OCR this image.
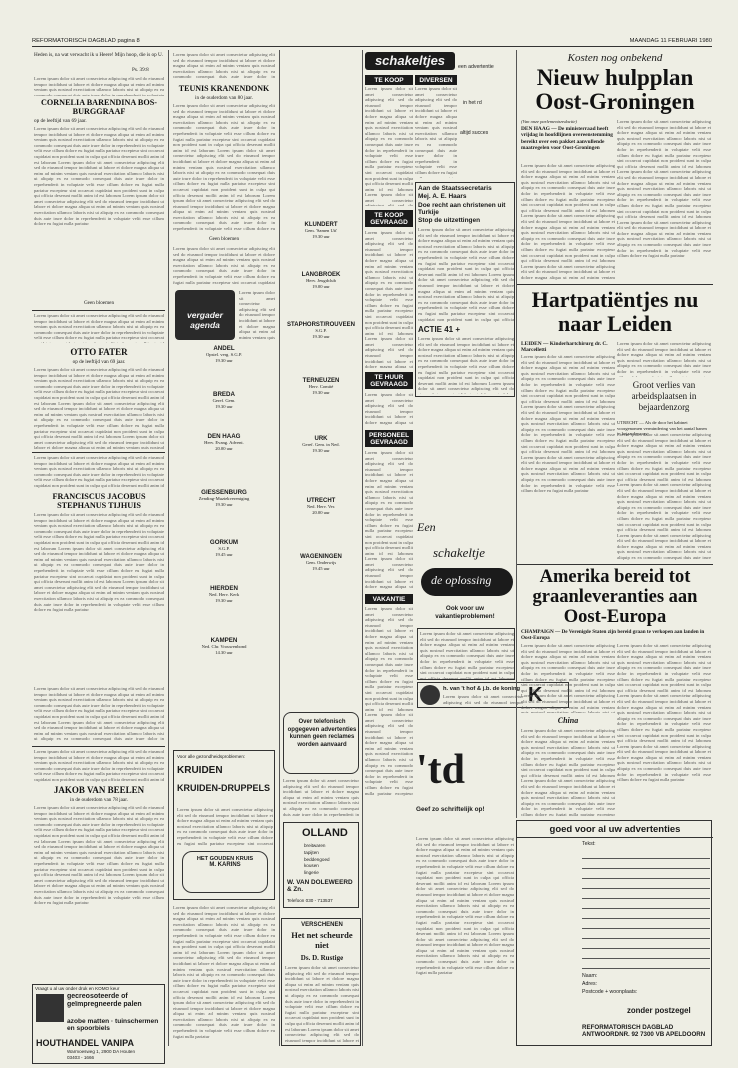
REFORMATORISCH DAGBLAD pagina 8	MAANDAG 11 FEBRUARI 1980
Heden is, na wat verwacht ik u Heere! Mijn hoop, die is op U.
Ps. 39:8
Lorem ipsum dolor sit amet consectetur adipiscing elit sed do eiusmod tempor incididunt ut labore et dolore magna aliqua ut enim ad minim veniam quis nostrud exercitation ullamco laboris nisi ut aliquip ex ea commodo consequat duis aute irure dolor in reprehenderit in voluptate velit esse cillum dolore eu fugiat nulla pariatur excepteur sint occaecat cupidatat non proident sunt in culpa qui officia deserunt mollit anim id est laborum Lorem ipsum dolor sit amet consectetur adipiscing elit sed do eiusmod tempor incididunt ut labore et dolore magna aliqua ut enim ad minim veniam quis nostrud exercitation ullamco laboris nisi ut aliquip ex ea commodo consequat duis aute irure dolor in reprehenderit in voluptate velit esse cillum dolore eu fugiat nulla pariatur excepteur sint occaecat cupidatat non proident sunt in culpa qui officia deserunt mollit anim id est laborum Lorem ipsum dolor sit amet consectetur adipiscing elit sed do eiusmod tempor incididunt ut labore et dolore magna aliqua ut enim ad minim veniam quis nostrud exercitation ullamco laboris nisi ut aliquip ex ea commodo consequat duis aute irure dolor in reprehenderit in voluptate velit esse cillum dolore eu fugiat nulla pariatur
CORNELIA BARENDINA BOS-BURGGRAAF
op de leeftijd van 69 jaar.
Lorem ipsum dolor sit amet consectetur adipiscing elit sed do eiusmod tempor incididunt ut labore et dolore magna aliqua ut enim ad minim veniam quis nostrud exercitation ullamco laboris nisi ut aliquip ex ea commodo consequat duis aute irure dolor in reprehenderit in voluptate velit esse cillum dolore eu fugiat nulla pariatur excepteur sint occaecat cupidatat non proident sunt in culpa qui officia deserunt mollit anim id est laborum Lorem ipsum dolor sit amet consectetur adipiscing elit sed do eiusmod tempor incididunt ut labore et dolore magna aliqua ut enim ad minim veniam quis nostrud exercitation ullamco laboris nisi ut aliquip ex ea commodo consequat duis aute irure dolor in reprehenderit in voluptate velit esse cillum dolore eu fugiat nulla pariatur excepteur sint occaecat cupidatat non proident sunt in culpa qui officia deserunt mollit anim id est laborum Lorem ipsum dolor sit amet consectetur adipiscing elit sed do eiusmod tempor incididunt ut labore et dolore magna aliqua ut enim ad minim veniam quis nostrud exercitation ullamco laboris nisi ut aliquip ex ea commodo consequat duis aute irure dolor in reprehenderit in voluptate velit esse cillum dolore eu fugiat nulla pariatur
Geen bloemen
Lorem ipsum dolor sit amet consectetur adipiscing elit sed do eiusmod tempor incididunt ut labore et dolore magna aliqua ut enim ad minim veniam quis nostrud exercitation ullamco laboris nisi ut aliquip ex ea commodo consequat duis aute irure dolor in reprehenderit in voluptate velit esse cillum dolore eu fugiat nulla pariatur excepteur sint occaecat cupidatat non proident sunt in culpa qui officia deserunt mollit anim id est laborum Lorem ipsum dolor sit amet consectetur adipiscing elit sed do eiusmod tempor incididunt ut labore et dolore magna aliqua ut enim ad minim veniam quis nostrud exercitation ullamco laboris nisi ut aliquip ex ea commodo consequat duis aute irure dolor in reprehenderit in voluptate velit esse cillum dolore eu fugiat nulla pariatur excepteur sint occaecat cupidatat non proident sunt in culpa qui officia deserunt mollit anim id est laborum Lorem ipsum dolor sit amet consectetur adipiscing elit sed do eiusmod tempor incididunt ut labore et dolore magna aliqua ut enim ad minim veniam quis nostrud exercitation ullamco laboris nisi ut aliquip ex ea commodo consequat duis aute irure dolor in reprehenderit in voluptate velit esse cillum dolore eu fugiat nulla pariatur
OTTO FATER
op de leeftijd van 69 jaar.
Lorem ipsum dolor sit amet consectetur adipiscing elit sed do eiusmod tempor incididunt ut labore et dolore magna aliqua ut enim ad minim veniam quis nostrud exercitation ullamco laboris nisi ut aliquip ex ea commodo consequat duis aute irure dolor in reprehenderit in voluptate velit esse cillum dolore eu fugiat nulla pariatur excepteur sint occaecat cupidatat non proident sunt in culpa qui officia deserunt mollit anim id est laborum Lorem ipsum dolor sit amet consectetur adipiscing elit sed do eiusmod tempor incididunt ut labore et dolore magna aliqua ut enim ad minim veniam quis nostrud exercitation ullamco laboris nisi ut aliquip ex ea commodo consequat duis aute irure dolor in reprehenderit in voluptate velit esse cillum dolore eu fugiat nulla pariatur excepteur sint occaecat cupidatat non proident sunt in culpa qui officia deserunt mollit anim id est laborum Lorem ipsum dolor sit amet consectetur adipiscing elit sed do eiusmod tempor incididunt ut labore et dolore magna aliqua ut enim ad minim veniam quis nostrud exercitation ullamco laboris nisi ut aliquip ex ea commodo consequat duis aute irure dolor in reprehenderit in voluptate velit esse cillum dolore eu fugiat nulla pariatur
Lorem ipsum dolor sit amet consectetur adipiscing elit sed do eiusmod tempor incididunt ut labore et dolore magna aliqua ut enim ad minim veniam quis nostrud exercitation ullamco laboris nisi ut aliquip ex ea commodo consequat duis aute irure dolor in reprehenderit in voluptate velit esse cillum dolore eu fugiat nulla pariatur excepteur sint occaecat cupidatat non proident sunt in culpa qui officia deserunt mollit anim id est laborum Lorem ipsum dolor sit amet consectetur adipiscing elit sed do eiusmod tempor incididunt ut labore et dolore magna aliqua ut enim ad minim veniam quis nostrud exercitation ullamco laboris nisi ut aliquip ex ea commodo consequat duis aute irure dolor in reprehenderit in voluptate velit esse cillum dolore eu fugiat nulla pariatur excepteur sint occaecat cupidatat non proident sunt in culpa qui officia deserunt mollit anim id est laborum Lorem ipsum dolor sit amet consectetur adipiscing elit sed do eiusmod tempor incididunt ut labore et dolore magna aliqua ut enim ad minim veniam quis nostrud exercitation ullamco laboris nisi ut aliquip ex ea commodo consequat duis aute irure dolor in reprehenderit in voluptate velit esse cillum dolore eu fugiat nulla pariatur
FRANCISCUS JACOBUS STEPHANUS TIJHUIS
Lorem ipsum dolor sit amet consectetur adipiscing elit sed do eiusmod tempor incididunt ut labore et dolore magna aliqua ut enim ad minim veniam quis nostrud exercitation ullamco laboris nisi ut aliquip ex ea commodo consequat duis aute irure dolor in reprehenderit in voluptate velit esse cillum dolore eu fugiat nulla pariatur excepteur sint occaecat cupidatat non proident sunt in culpa qui officia deserunt mollit anim id est laborum Lorem ipsum dolor sit amet consectetur adipiscing elit sed do eiusmod tempor incididunt ut labore et dolore magna aliqua ut enim ad minim veniam quis nostrud exercitation ullamco laboris nisi ut aliquip ex ea commodo consequat duis aute irure dolor in reprehenderit in voluptate velit esse cillum dolore eu fugiat nulla pariatur excepteur sint occaecat cupidatat non proident sunt in culpa qui officia deserunt mollit anim id est laborum Lorem ipsum dolor sit amet consectetur adipiscing elit sed do eiusmod tempor incididunt ut labore et dolore magna aliqua ut enim ad minim veniam quis nostrud exercitation ullamco laboris nisi ut aliquip ex ea commodo consequat duis aute irure dolor in reprehenderit in voluptate velit esse cillum dolore eu fugiat nulla pariatur
Lorem ipsum dolor sit amet consectetur adipiscing elit sed do eiusmod tempor incididunt ut labore et dolore magna aliqua ut enim ad minim veniam quis nostrud exercitation ullamco laboris nisi ut aliquip ex ea commodo consequat duis aute irure dolor in reprehenderit in voluptate velit esse cillum dolore eu fugiat nulla pariatur excepteur sint occaecat cupidatat non proident sunt in culpa qui officia deserunt mollit anim id est laborum Lorem ipsum dolor sit amet consectetur adipiscing elit sed do eiusmod tempor incididunt ut labore et dolore magna aliqua ut enim ad minim veniam quis nostrud exercitation ullamco laboris nisi ut aliquip ex ea commodo consequat duis aute irure dolor in reprehenderit in voluptate velit esse cillum dolore eu fugiat nulla pariatur excepteur sint occaecat cupidatat non proident sunt in culpa qui officia deserunt mollit anim id est laborum Lorem ipsum dolor sit amet consectetur adipiscing elit sed do eiusmod tempor incididunt ut labore et dolore magna aliqua ut enim ad minim veniam quis nostrud exercitation ullamco laboris nisi ut aliquip ex ea commodo consequat duis aute irure dolor in reprehenderit in voluptate velit esse cillum dolore eu fugiat nulla pariatur
Lorem ipsum dolor sit amet consectetur adipiscing elit sed do eiusmod tempor incididunt ut labore et dolore magna aliqua ut enim ad minim veniam quis nostrud exercitation ullamco laboris nisi ut aliquip ex ea commodo consequat duis aute irure dolor in reprehenderit in voluptate velit esse cillum dolore eu fugiat nulla pariatur excepteur sint occaecat cupidatat non proident sunt in culpa qui officia deserunt mollit anim id est laborum Lorem ipsum dolor sit amet consectetur adipiscing elit sed do eiusmod tempor incididunt ut labore et dolore magna aliqua ut enim ad minim veniam quis nostrud exercitation ullamco laboris nisi ut aliquip ex ea commodo consequat duis aute irure dolor in reprehenderit in voluptate velit esse cillum dolore eu fugiat nulla pariatur excepteur sint occaecat cupidatat non proident sunt in culpa qui officia deserunt mollit anim id est laborum Lorem ipsum dolor sit amet consectetur adipiscing elit sed do eiusmod tempor incididunt ut labore et dolore magna aliqua ut enim ad minim veniam quis nostrud exercitation ullamco laboris nisi ut aliquip ex ea commodo consequat duis aute irure dolor in reprehenderit in voluptate velit esse cillum dolore eu fugiat nulla pariatur
JAKOB VAN BEELEN
in de ouderdom van 78 jaar.
Lorem ipsum dolor sit amet consectetur adipiscing elit sed do eiusmod tempor incididunt ut labore et dolore magna aliqua ut enim ad minim veniam quis nostrud exercitation ullamco laboris nisi ut aliquip ex ea commodo consequat duis aute irure dolor in reprehenderit in voluptate velit esse cillum dolore eu fugiat nulla pariatur excepteur sint occaecat cupidatat non proident sunt in culpa qui officia deserunt mollit anim id est laborum Lorem ipsum dolor sit amet consectetur adipiscing elit sed do eiusmod tempor incididunt ut labore et dolore magna aliqua ut enim ad minim veniam quis nostrud exercitation ullamco laboris nisi ut aliquip ex ea commodo consequat duis aute irure dolor in reprehenderit in voluptate velit esse cillum dolore eu fugiat nulla pariatur excepteur sint occaecat cupidatat non proident sunt in culpa qui officia deserunt mollit anim id est laborum Lorem ipsum dolor sit amet consectetur adipiscing elit sed do eiusmod tempor incididunt ut labore et dolore magna aliqua ut enim ad minim veniam quis nostrud exercitation ullamco laboris nisi ut aliquip ex ea commodo consequat duis aute irure dolor in reprehenderit in voluptate velit esse cillum dolore eu fugiat nulla pariatur
Vraagt u al uw onder druk en KOMO keur
gecreosoteerde of geïmpregneerde palen
azobe matten · tuinschermen en spoorbiels
HOUTHANDEL VANIPA
Warmoesweg 1, 2900 DA Houten
03403 - 1666
Lorem ipsum dolor sit amet consectetur adipiscing elit sed do eiusmod tempor incididunt ut labore et dolore magna aliqua ut enim ad minim veniam quis nostrud exercitation ullamco laboris nisi ut aliquip ex ea commodo consequat duis aute irure dolor in reprehenderit in voluptate velit esse cillum dolore eu fugiat nulla pariatur excepteur sint occaecat cupidatat non proident sunt in culpa qui officia deserunt mollit anim id est laborum Lorem ipsum dolor sit amet consectetur adipiscing elit sed do eiusmod tempor incididunt ut labore et dolore magna aliqua ut enim ad minim veniam quis nostrud exercitation ullamco laboris nisi ut aliquip ex ea commodo consequat duis aute irure dolor in reprehenderit in voluptate velit esse cillum dolore eu fugiat nulla pariatur excepteur sint occaecat cupidatat non proident sunt in culpa qui officia deserunt mollit anim id est laborum Lorem ipsum dolor sit amet consectetur adipiscing elit sed do eiusmod tempor incididunt ut labore et dolore magna aliqua ut enim ad minim veniam quis nostrud exercitation ullamco laboris nisi ut aliquip ex ea commodo consequat duis aute irure dolor in reprehenderit in voluptate velit esse cillum dolore eu fugiat nulla pariatur
TEUNIS KRANENDONK
in de ouderdom van 80 jaar.
Lorem ipsum dolor sit amet consectetur adipiscing elit sed do eiusmod tempor incididunt ut labore et dolore magna aliqua ut enim ad minim veniam quis nostrud exercitation ullamco laboris nisi ut aliquip ex ea commodo consequat duis aute irure dolor in reprehenderit in voluptate velit esse cillum dolore eu fugiat nulla pariatur excepteur sint occaecat cupidatat non proident sunt in culpa qui officia deserunt mollit anim id est laborum Lorem ipsum dolor sit amet consectetur adipiscing elit sed do eiusmod tempor incididunt ut labore et dolore magna aliqua ut enim ad minim veniam quis nostrud exercitation ullamco laboris nisi ut aliquip ex ea commodo consequat duis aute irure dolor in reprehenderit in voluptate velit esse cillum dolore eu fugiat nulla pariatur excepteur sint occaecat cupidatat non proident sunt in culpa qui officia deserunt mollit anim id est laborum Lorem ipsum dolor sit amet consectetur adipiscing elit sed do eiusmod tempor incididunt ut labore et dolore magna aliqua ut enim ad minim veniam quis nostrud exercitation ullamco laboris nisi ut aliquip ex ea commodo consequat duis aute irure dolor in reprehenderit in voluptate velit esse cillum dolore eu fugiat nulla pariatur
Geen bloemen
Lorem ipsum dolor sit amet consectetur adipiscing elit sed do eiusmod tempor incididunt ut labore et dolore magna aliqua ut enim ad minim veniam quis nostrud exercitation ullamco laboris nisi ut aliquip ex ea commodo consequat duis aute irure dolor in reprehenderit in voluptate velit esse cillum dolore eu fugiat nulla pariatur excepteur sint occaecat cupidatat non proident sunt in culpa qui officia deserunt mollit anim id est laborum Lorem ipsum dolor sit amet consectetur adipiscing elit sed do eiusmod tempor incididunt ut labore et dolore magna aliqua ut enim ad minim veniam quis nostrud exercitation ullamco laboris nisi ut aliquip ex ea commodo consequat duis aute irure dolor in reprehenderit in voluptate velit esse cillum dolore eu fugiat nulla pariatur excepteur sint occaecat cupidatat non proident sunt in culpa qui officia deserunt mollit anim id est laborum Lorem ipsum dolor sit amet consectetur adipiscing elit sed do eiusmod tempor incididunt ut labore et dolore magna aliqua ut enim ad minim veniam quis nostrud exercitation ullamco laboris nisi ut aliquip ex ea commodo consequat duis aute irure dolor in reprehenderit in voluptate velit esse cillum dolore eu fugiat nulla pariatur
vergader agenda
Lorem ipsum dolor sit amet consectetur adipiscing elit sed do eiusmod tempor incididunt ut labore et dolore magna aliqua ut enim ad minim veniam quis nostrud exercitation ullamco laboris nisi ut aliquip ex ea commodo consequat duis aute irure dolor in reprehenderit in voluptate velit esse cillum dolore eu fugiat nulla pariatur excepteur sint occaecat cupidatat non proident sunt in culpa qui officia deserunt mollit anim id est laborum Lorem ipsum dolor sit amet consectetur adipiscing elit sed do eiusmod tempor incididunt ut labore et dolore magna aliqua ut enim ad minim veniam quis nostrud exercitation ullamco laboris nisi ut aliquip ex ea commodo consequat duis aute irure dolor in reprehenderit in voluptate velit esse cillum dolore eu fugiat nulla pariatur excepteur sint occaecat cupidatat non proident sunt in culpa qui officia deserunt mollit anim id est laborum Lorem ipsum dolor sit amet consectetur adipiscing elit sed do eiusmod tempor incididunt ut labore et dolore magna aliqua ut enim ad minim veniam quis nostrud exercitation ullamco laboris nisi ut aliquip ex ea commodo consequat duis aute irure dolor in reprehenderit in voluptate velit esse cillum dolore eu fugiat nulla pariatur
ANDEL
Opstel. verg. S.G.P.
19.30 uur
BREDA
Geref. Gem.
19.30 uur
DEN HAAG
Herv. Evang. Advent.
20.00 uur
GIESSENBURG
Zending-Muziekvereniging
19.30 uur
GORKUM
S.G.P.
19.45 uur
HIERDEN
Ned. Herv. Kerk
19.30 uur
KAMPEN
Ned. Chr. Vrouwenbond
14.30 uur
Voor alle gezondheidsproblemen:
KRUIDEN
KRUIDEN-DRUPPELS
Lorem ipsum dolor sit amet consectetur adipiscing elit sed do eiusmod tempor incididunt ut labore et dolore magna aliqua ut enim ad minim veniam quis nostrud exercitation ullamco laboris nisi ut aliquip ex ea commodo consequat duis aute irure dolor in reprehenderit in voluptate velit esse cillum dolore eu fugiat nulla pariatur excepteur sint occaecat cupidatat non proident sunt in culpa qui officia deserunt mollit anim id est laborum Lorem ipsum dolor sit amet consectetur adipiscing elit sed do eiusmod tempor incididunt ut labore et dolore magna aliqua ut enim ad minim veniam quis nostrud exercitation ullamco laboris nisi ut aliquip ex ea commodo consequat duis aute irure dolor in reprehenderit in voluptate velit esse cillum dolore eu fugiat nulla pariatur excepteur sint occaecat cupidatat non proident sunt in culpa qui officia deserunt mollit anim id est laborum Lorem ipsum dolor sit amet consectetur adipiscing elit sed do eiusmod tempor incididunt ut labore et dolore magna aliqua ut enim ad minim veniam quis nostrud exercitation ullamco laboris nisi ut aliquip ex ea commodo consequat duis aute irure dolor in reprehenderit in voluptate velit esse cillum dolore eu fugiat nulla pariatur
HET GOUDEN KRUIS
M. KARINS
Lorem ipsum dolor sit amet consectetur adipiscing elit sed do eiusmod tempor incididunt ut labore et dolore magna aliqua ut enim ad minim veniam quis nostrud exercitation ullamco laboris nisi ut aliquip ex ea commodo consequat duis aute irure dolor in reprehenderit in voluptate velit esse cillum dolore eu fugiat nulla pariatur excepteur sint occaecat cupidatat non proident sunt in culpa qui officia deserunt mollit anim id est laborum Lorem ipsum dolor sit amet consectetur adipiscing elit sed do eiusmod tempor incididunt ut labore et dolore magna aliqua ut enim ad minim veniam quis nostrud exercitation ullamco laboris nisi ut aliquip ex ea commodo consequat duis aute irure dolor in reprehenderit in voluptate velit esse cillum dolore eu fugiat nulla pariatur excepteur sint occaecat cupidatat non proident sunt in culpa qui officia deserunt mollit anim id est laborum Lorem ipsum dolor sit amet consectetur adipiscing elit sed do eiusmod tempor incididunt ut labore et dolore magna aliqua ut enim ad minim veniam quis nostrud exercitation ullamco laboris nisi ut aliquip ex ea commodo consequat duis aute irure dolor in reprehenderit in voluptate velit esse cillum dolore eu fugiat nulla pariatur
KLUNDERT
Gem. 'Samen Uit'
19.30 uur
LANGBROEK
Herv. Jeugdclub
19.00 uur
STAPHORST/ROUVEEN
S.G.P.
19.30 uur
TERNEUZEN
Herv. Comité
19.30 uur
URK
Geref. Gem. in Ned.
19.30 uur
UTRECHT
Ned. Herv. Ver.
20.00 uur
WAGENINGEN
Gem. Onderwijs
19.45 uur
Over telefonisch opgegeven advertenties kunnen geen reclames worden aanvaard
Lorem ipsum dolor sit amet consectetur adipiscing elit sed do eiusmod tempor incididunt ut labore et dolore magna aliqua ut enim ad minim veniam quis nostrud exercitation ullamco laboris nisi ut aliquip ex ea commodo consequat duis aute irure dolor in reprehenderit in voluptate velit esse cillum dolore eu fugiat nulla pariatur excepteur sint occaecat cupidatat non proident sunt in culpa qui officia deserunt mollit anim id est laborum Lorem ipsum dolor sit amet consectetur adipiscing elit sed do eiusmod tempor incididunt ut labore et dolore magna aliqua ut enim ad minim veniam quis nostrud exercitation ullamco laboris nisi ut aliquip ex ea commodo consequat duis aute irure dolor in reprehenderit in voluptate velit esse cillum dolore eu fugiat nulla pariatur excepteur sint occaecat cupidatat non proident sunt in culpa qui officia deserunt mollit anim id est laborum Lorem ipsum dolor sit amet consectetur adipiscing elit sed do eiusmod tempor incididunt ut labore et dolore magna aliqua ut enim ad minim veniam quis nostrud exercitation ullamco laboris nisi ut aliquip ex ea commodo consequat duis aute irure dolor in reprehenderit in voluptate velit esse cillum dolore eu fugiat nulla pariatur
OLLAND
breitwaren
tapijten
beddengoed
kousen
lingerie
W. VAN DOLEWEERD & Zn.
Telefoon 030 - 713537
schakeltjes	een advertentie
in het rd
altijd succes
TE KOOP
Lorem ipsum dolor sit amet consectetur adipiscing elit sed do eiusmod tempor incididunt ut labore et dolore magna aliqua ut enim ad minim veniam quis nostrud exercitation ullamco laboris nisi ut aliquip ex ea commodo consequat duis aute irure dolor in reprehenderit in voluptate velit esse cillum dolore eu fugiat nulla pariatur excepteur sint occaecat cupidatat non proident sunt in culpa qui officia deserunt mollit anim id est laborum Lorem ipsum dolor sit amet consectetur adipiscing elit sed do eiusmod tempor incididunt ut labore et dolore magna aliqua ut enim ad minim veniam quis nostrud exercitation ullamco laboris nisi ut aliquip ex ea commodo consequat duis aute irure dolor in reprehenderit in voluptate velit esse cillum dolore eu fugiat nulla pariatur excepteur sint occaecat cupidatat non proident sunt in culpa qui officia deserunt mollit anim id est laborum Lorem ipsum dolor sit amet consectetur adipiscing elit sed do eiusmod tempor incididunt ut labore et dolore magna aliqua ut enim ad minim veniam quis nostrud exercitation ullamco laboris nisi ut aliquip ex ea commodo consequat duis aute irure dolor in reprehenderit in voluptate velit esse cillum dolore eu fugiat nulla pariatur	DIVERSEN
Lorem ipsum dolor sit amet consectetur adipiscing elit sed do eiusmod tempor incididunt ut labore et dolore magna aliqua ut enim ad minim veniam quis nostrud exercitation ullamco laboris nisi ut aliquip ex ea commodo consequat duis aute irure dolor in reprehenderit in voluptate velit esse cillum dolore eu fugiat nulla pariatur excepteur sint occaecat cupidatat non proident sunt in culpa qui officia deserunt mollit anim id est laborum Lorem ipsum dolor sit amet consectetur adipiscing elit sed do eiusmod tempor incididunt ut labore et dolore magna aliqua ut enim ad minim veniam quis nostrud exercitation ullamco laboris nisi ut aliquip ex ea commodo consequat duis aute irure dolor in reprehenderit in voluptate velit esse cillum dolore eu fugiat nulla pariatur excepteur sint occaecat cupidatat non proident sunt in culpa qui officia deserunt mollit anim id est laborum Lorem ipsum dolor sit amet consectetur adipiscing elit sed do eiusmod tempor incididunt ut labore et dolore magna aliqua ut enim ad minim veniam quis nostrud exercitation ullamco laboris nisi ut aliquip ex ea commodo consequat duis aute irure dolor in reprehenderit in voluptate velit esse cillum dolore eu fugiat nulla pariatur
Aan de Staatssecretaris
Mej. A. E. Haars
Doe recht aan christenen uit Turkije
Stop de uitzettingen
Lorem ipsum dolor sit amet consectetur adipiscing elit sed do eiusmod tempor incididunt ut labore et dolore magna aliqua ut enim ad minim veniam quis nostrud exercitation ullamco laboris nisi ut aliquip ex ea commodo consequat duis aute irure dolor in reprehenderit in voluptate velit esse cillum dolore eu fugiat nulla pariatur excepteur sint occaecat cupidatat non proident sunt in culpa qui officia deserunt mollit anim id est laborum Lorem ipsum dolor sit amet consectetur adipiscing elit sed do eiusmod tempor incididunt ut labore et dolore magna aliqua ut enim ad minim veniam quis nostrud exercitation ullamco laboris nisi ut aliquip ex ea commodo consequat duis aute irure dolor in reprehenderit in voluptate velit esse cillum dolore eu fugiat nulla pariatur excepteur sint occaecat cupidatat non proident sunt in culpa qui officia deserunt mollit anim id est laborum Lorem ipsum dolor sit amet consectetur adipiscing elit sed do eiusmod tempor incididunt ut labore et dolore magna aliqua ut enim ad minim veniam quis nostrud exercitation ullamco laboris nisi ut aliquip ex ea commodo consequat duis aute irure dolor in reprehenderit in voluptate velit esse cillum dolore eu fugiat nulla pariatur
ACTIE 41 +
Lorem ipsum dolor sit amet consectetur adipiscing elit sed do eiusmod tempor incididunt ut labore et dolore magna aliqua ut enim ad minim veniam quis nostrud exercitation ullamco laboris nisi ut aliquip ex ea commodo consequat duis aute irure dolor in reprehenderit in voluptate velit esse cillum dolore eu fugiat nulla pariatur excepteur sint occaecat cupidatat non proident sunt in culpa qui officia deserunt mollit anim id est laborum Lorem ipsum dolor sit amet consectetur adipiscing elit sed do eiusmod tempor incididunt ut labore et dolore magna aliqua ut enim ad minim veniam quis nostrud exercitation ullamco laboris nisi ut aliquip ex ea commodo consequat duis aute irure dolor in reprehenderit in voluptate velit esse cillum dolore eu fugiat nulla pariatur excepteur sint occaecat cupidatat non proident sunt in culpa qui officia deserunt mollit anim id est laborum Lorem ipsum dolor sit amet consectetur adipiscing elit sed do eiusmod tempor incididunt ut labore et dolore magna aliqua ut enim ad minim veniam quis nostrud exercitation ullamco laboris nisi ut aliquip ex ea commodo consequat duis aute irure dolor in reprehenderit in voluptate velit esse cillum dolore eu fugiat nulla pariatur
TE KOOP GEVRAAGD
Lorem ipsum dolor sit amet consectetur adipiscing elit sed do eiusmod tempor incididunt ut labore et dolore magna aliqua ut enim ad minim veniam quis nostrud exercitation ullamco laboris nisi ut aliquip ex ea commodo consequat duis aute irure dolor in reprehenderit in voluptate velit esse cillum dolore eu fugiat nulla pariatur excepteur sint occaecat cupidatat non proident sunt in culpa qui officia deserunt mollit anim id est laborum Lorem ipsum dolor sit amet consectetur adipiscing elit sed do eiusmod tempor incididunt ut labore et dolore magna aliqua ut enim ad minim veniam quis nostrud exercitation ullamco laboris nisi ut aliquip ex ea commodo consequat duis aute irure dolor in reprehenderit in voluptate velit esse cillum dolore eu fugiat nulla pariatur excepteur sint occaecat cupidatat non proident sunt in culpa qui officia deserunt mollit anim id est laborum Lorem ipsum dolor sit amet consectetur adipiscing elit sed do eiusmod tempor incididunt ut labore et dolore magna aliqua ut enim ad minim veniam quis nostrud exercitation ullamco laboris nisi ut aliquip ex ea commodo consequat duis aute irure dolor in reprehenderit in voluptate velit esse cillum dolore eu fugiat nulla pariatur
TE HUUR GEVRAAGD
Lorem ipsum dolor sit amet consectetur adipiscing elit sed do eiusmod tempor incididunt ut labore et dolore magna aliqua ut enim ad minim veniam quis nostrud exercitation ullamco laboris nisi ut aliquip ex ea commodo consequat duis aute irure dolor in reprehenderit in voluptate velit esse cillum dolore eu fugiat nulla pariatur excepteur sint occaecat cupidatat non proident sunt in culpa qui officia deserunt mollit anim id est laborum Lorem ipsum dolor sit amet consectetur adipiscing elit sed do eiusmod tempor incididunt ut labore et dolore magna aliqua ut enim ad minim veniam quis nostrud exercitation ullamco laboris nisi ut aliquip ex ea commodo consequat duis aute irure dolor in reprehenderit in voluptate velit esse cillum dolore eu fugiat nulla pariatur excepteur sint occaecat cupidatat non proident sunt in culpa qui officia deserunt mollit anim id est laborum Lorem ipsum dolor sit amet consectetur adipiscing elit sed do eiusmod tempor incididunt ut labore et dolore magna aliqua ut enim ad minim veniam quis nostrud exercitation ullamco laboris nisi ut aliquip ex ea commodo consequat duis aute irure dolor in reprehenderit in voluptate velit esse cillum dolore eu fugiat nulla pariatur
PERSONEEL GEVRAAGD
Lorem ipsum dolor sit amet consectetur adipiscing elit sed do eiusmod tempor incididunt ut labore et dolore magna aliqua ut enim ad minim veniam quis nostrud exercitation ullamco laboris nisi ut aliquip ex ea commodo consequat duis aute irure dolor in reprehenderit in voluptate velit esse cillum dolore eu fugiat nulla pariatur excepteur sint occaecat cupidatat non proident sunt in culpa qui officia deserunt mollit anim id est laborum Lorem ipsum dolor sit amet consectetur adipiscing elit sed do eiusmod tempor incididunt ut labore et dolore magna aliqua ut enim ad minim veniam quis nostrud exercitation ullamco laboris nisi ut aliquip ex ea commodo consequat duis aute irure dolor in reprehenderit in voluptate velit esse cillum dolore eu fugiat nulla pariatur excepteur sint occaecat cupidatat non proident sunt in culpa qui officia deserunt mollit anim id est laborum Lorem ipsum dolor sit amet consectetur adipiscing elit sed do eiusmod tempor incididunt ut labore et dolore magna aliqua ut enim ad minim veniam quis nostrud exercitation ullamco laboris nisi ut aliquip ex ea commodo consequat duis aute irure dolor in reprehenderit in voluptate velit esse cillum dolore eu fugiat nulla pariatur
VAKANTIE
Lorem ipsum dolor sit amet consectetur adipiscing elit sed do eiusmod tempor incididunt ut labore et dolore magna aliqua ut enim ad minim veniam quis nostrud exercitation ullamco laboris nisi ut aliquip ex ea commodo consequat duis aute irure dolor in reprehenderit in voluptate velit esse cillum dolore eu fugiat nulla pariatur excepteur sint occaecat cupidatat non proident sunt in culpa qui officia deserunt mollit anim id est laborum Lorem ipsum dolor sit amet consectetur adipiscing elit sed do eiusmod tempor incididunt ut labore et dolore magna aliqua ut enim ad minim veniam quis nostrud exercitation ullamco laboris nisi ut aliquip ex ea commodo consequat duis aute irure dolor in reprehenderit in voluptate velit esse cillum dolore eu fugiat nulla pariatur excepteur sint occaecat cupidatat non proident sunt in culpa qui officia deserunt mollit anim id est laborum Lorem ipsum dolor sit amet consectetur adipiscing elit sed do eiusmod tempor incididunt ut labore et dolore magna aliqua ut enim ad minim veniam quis nostrud exercitation ullamco laboris nisi ut aliquip ex ea commodo consequat duis aute irure dolor in reprehenderit in voluptate velit esse cillum dolore eu fugiat nulla pariatur
Een
schakeltje
de oplossing
Ook voor uw vakantieproblemen!
Lorem ipsum dolor sit amet consectetur adipiscing elit sed do eiusmod tempor incididunt ut labore et dolore magna aliqua ut enim ad minim veniam quis nostrud exercitation ullamco laboris nisi ut aliquip ex ea commodo consequat duis aute irure dolor in reprehenderit in voluptate velit esse cillum dolore eu fugiat nulla pariatur excepteur sint occaecat cupidatat non proident sunt in culpa qui officia deserunt mollit anim id est laborum Lorem ipsum dolor sit amet consectetur adipiscing elit sed do eiusmod tempor incididunt ut labore et dolore magna aliqua ut enim ad minim veniam quis nostrud exercitation ullamco laboris nisi ut aliquip ex ea commodo consequat duis aute irure dolor in reprehenderit in voluptate velit esse cillum dolore eu fugiat nulla pariatur excepteur sint occaecat cupidatat non proident sunt in culpa qui officia deserunt mollit anim id est laborum Lorem ipsum dolor sit amet consectetur adipiscing elit sed do eiusmod tempor incididunt ut labore et dolore magna aliqua ut enim ad minim veniam quis nostrud exercitation ullamco laboris nisi ut aliquip ex ea commodo consequat duis aute irure dolor in reprehenderit in voluptate velit esse cillum dolore eu fugiat nulla pariatur
h. van 't hof & j.b. de koning
Lorem ipsum dolor sit amet consectetur adipiscing elit sed do eiusmod tempor incididunt ut labore et dolore magna aliqua ut enim ad minim veniam quis nostrud exercitation ullamco laboris nisi ut aliquip ex ea commodo consequat duis aute irure dolor in reprehenderit in voluptate velit esse cillum dolore eu fugiat nulla pariatur excepteur sint occaecat cupidatat non proident sunt in culpa qui officia deserunt mollit anim id est laborum Lorem ipsum dolor sit amet consectetur adipiscing elit sed do eiusmod tempor incididunt ut labore et dolore magna aliqua ut enim ad minim veniam quis nostrud exercitation ullamco laboris nisi ut aliquip ex ea commodo consequat duis aute irure dolor in reprehenderit in voluptate velit esse cillum dolore eu fugiat nulla pariatur excepteur sint occaecat cupidatat non proident sunt in culpa qui officia deserunt mollit anim id est laborum Lorem ipsum dolor sit amet consectetur adipiscing elit sed do eiusmod tempor incididunt ut labore et dolore magna aliqua ut enim ad minim veniam quis nostrud exercitation ullamco laboris nisi ut aliquip ex ea commodo consequat duis aute irure dolor in reprehenderit in voluptate velit esse cillum dolore eu fugiat nulla pariatur K
'td
Geef zo schriftelijk op!
VERSCHENEN
Het net scheurde niet
Ds. D. Rustige
Lorem ipsum dolor sit amet consectetur adipiscing elit sed do eiusmod tempor incididunt ut labore et dolore magna aliqua ut enim ad minim veniam quis nostrud exercitation ullamco laboris nisi ut aliquip ex ea commodo consequat duis aute irure dolor in reprehenderit in voluptate velit esse cillum dolore eu fugiat nulla pariatur excepteur sint occaecat cupidatat non proident sunt in culpa qui officia deserunt mollit anim id est laborum Lorem ipsum dolor sit amet consectetur adipiscing elit sed do eiusmod tempor incididunt ut labore et dolore magna aliqua ut enim ad minim veniam quis nostrud exercitation ullamco laboris nisi ut aliquip ex ea commodo consequat duis aute irure dolor in reprehenderit in voluptate velit esse cillum dolore eu fugiat nulla pariatur excepteur sint occaecat cupidatat non proident sunt in culpa qui officia deserunt mollit anim id est laborum Lorem ipsum dolor sit amet consectetur adipiscing elit sed do eiusmod tempor incididunt ut labore et dolore magna aliqua ut enim ad minim veniam quis nostrud exercitation ullamco laboris nisi ut aliquip ex ea commodo consequat duis aute irure dolor in reprehenderit in voluptate velit esse cillum dolore eu fugiat nulla pariatur
Lorem ipsum dolor sit amet consectetur adipiscing elit sed do eiusmod tempor incididunt ut labore et dolore magna aliqua ut enim ad minim veniam quis nostrud exercitation ullamco laboris nisi ut aliquip ex ea commodo consequat duis aute irure dolor in reprehenderit in voluptate velit esse cillum dolore eu fugiat nulla pariatur excepteur sint occaecat cupidatat non proident sunt in culpa qui officia deserunt mollit anim id est laborum Lorem ipsum dolor sit amet consectetur adipiscing elit sed do eiusmod tempor incididunt ut labore et dolore magna aliqua ut enim ad minim veniam quis nostrud exercitation ullamco laboris nisi ut aliquip ex ea commodo consequat duis aute irure dolor in reprehenderit in voluptate velit esse cillum dolore eu fugiat nulla pariatur excepteur sint occaecat cupidatat non proident sunt in culpa qui officia deserunt mollit anim id est laborum Lorem ipsum dolor sit amet consectetur adipiscing elit sed do eiusmod tempor incididunt ut labore et dolore magna aliqua ut enim ad minim veniam quis nostrud exercitation ullamco laboris nisi ut aliquip ex ea commodo consequat duis aute irure dolor in reprehenderit in voluptate velit esse cillum dolore eu fugiat nulla pariatur
goed voor al uw advertenties
Tekst:
Naam:
Adres:
Postcode + woonplaats:
zonder postzegel
REFORMATORISCH DAGBLAD ANTWOORDNR. 92 7300 VB APELDOORN
Kosten nog onbekend
Nieuw hulpplan Oost-Groningen
(Van onze parlementsredactie)
DEN HAAG — De ministerraad heeft vrijdag in hoofdlijnen overeenstemming bereikt over een pakket aanvullende maatregelen voor Oost-Groningen
Lorem ipsum dolor sit amet consectetur adipiscing elit sed do eiusmod tempor incididunt ut labore et dolore magna aliqua ut enim ad minim veniam quis nostrud exercitation ullamco laboris nisi ut aliquip ex ea commodo consequat duis aute irure dolor in reprehenderit in voluptate velit esse cillum dolore eu fugiat nulla pariatur excepteur sint occaecat cupidatat non proident sunt in culpa qui officia deserunt mollit anim id est laborum Lorem ipsum dolor sit amet consectetur adipiscing elit sed do eiusmod tempor incididunt ut labore et dolore magna aliqua ut enim ad minim veniam quis nostrud exercitation ullamco laboris nisi ut aliquip ex ea commodo consequat duis aute irure dolor in reprehenderit in voluptate velit esse cillum dolore eu fugiat nulla pariatur excepteur sint occaecat cupidatat non proident sunt in culpa qui officia deserunt mollit anim id est laborum Lorem ipsum dolor sit amet consectetur adipiscing elit sed do eiusmod tempor incididunt ut labore et dolore magna aliqua ut enim ad minim veniam quis nostrud exercitation ullamco laboris nisi ut aliquip ex ea commodo consequat duis aute irure dolor in reprehenderit in voluptate velit esse cillum dolore eu fugiat nulla pariatur
Lorem ipsum dolor sit amet consectetur adipiscing elit sed do eiusmod tempor incididunt ut labore et dolore magna aliqua ut enim ad minim veniam quis nostrud exercitation ullamco laboris nisi ut aliquip ex ea commodo consequat duis aute irure dolor in reprehenderit in voluptate velit esse cillum dolore eu fugiat nulla pariatur excepteur sint occaecat cupidatat non proident sunt in culpa qui officia deserunt mollit anim id est laborum Lorem ipsum dolor sit amet consectetur adipiscing elit sed do eiusmod tempor incididunt ut labore et dolore magna aliqua ut enim ad minim veniam quis nostrud exercitation ullamco laboris nisi ut aliquip ex ea commodo consequat duis aute irure dolor in reprehenderit in voluptate velit esse cillum dolore eu fugiat nulla pariatur excepteur sint occaecat cupidatat non proident sunt in culpa qui officia deserunt mollit anim id est laborum Lorem ipsum dolor sit amet consectetur adipiscing elit sed do eiusmod tempor incididunt ut labore et dolore magna aliqua ut enim ad minim veniam quis nostrud exercitation ullamco laboris nisi ut aliquip ex ea commodo consequat duis aute irure dolor in reprehenderit in voluptate velit esse cillum dolore eu fugiat nulla pariatur
Hartpatiëntjes nu naar Leiden
LEIDEN — Kinderhartchirurg dr. C. Marcelletti
Lorem ipsum dolor sit amet consectetur adipiscing elit sed do eiusmod tempor incididunt ut labore et dolore magna aliqua ut enim ad minim veniam quis nostrud exercitation ullamco laboris nisi ut aliquip ex ea commodo consequat duis aute irure dolor in reprehenderit in voluptate velit esse cillum dolore eu fugiat nulla pariatur excepteur sint occaecat cupidatat non proident sunt in culpa qui officia deserunt mollit anim id est laborum Lorem ipsum dolor sit amet consectetur adipiscing elit sed do eiusmod tempor incididunt ut labore et dolore magna aliqua ut enim ad minim veniam quis nostrud exercitation ullamco laboris nisi ut aliquip ex ea commodo consequat duis aute irure dolor in reprehenderit in voluptate velit esse cillum dolore eu fugiat nulla pariatur excepteur sint occaecat cupidatat non proident sunt in culpa qui officia deserunt mollit anim id est laborum Lorem ipsum dolor sit amet consectetur adipiscing elit sed do eiusmod tempor incididunt ut labore et dolore magna aliqua ut enim ad minim veniam quis nostrud exercitation ullamco laboris nisi ut aliquip ex ea commodo consequat duis aute irure dolor in reprehenderit in voluptate velit esse cillum dolore eu fugiat nulla pariatur
Lorem ipsum dolor sit amet consectetur adipiscing elit sed do eiusmod tempor incididunt ut labore et dolore magna aliqua ut enim ad minim veniam quis nostrud exercitation ullamco laboris nisi ut aliquip ex ea commodo consequat duis aute irure dolor in reprehenderit in voluptate velit esse cillum dolore eu fugiat nulla pariatur excepteur sint occaecat cupidatat non proident sunt in culpa qui officia deserunt mollit anim id est laborum Lorem ipsum dolor sit amet consectetur adipiscing elit sed do eiusmod tempor incididunt ut labore et dolore magna aliqua ut enim ad minim veniam quis nostrud exercitation ullamco laboris nisi ut aliquip ex ea commodo consequat duis aute irure dolor in reprehenderit in voluptate velit esse cillum dolore eu fugiat nulla pariatur excepteur sint occaecat cupidatat non proident sunt in culpa qui officia deserunt mollit anim id est laborum Lorem ipsum dolor sit amet consectetur adipiscing elit sed do eiusmod tempor incididunt ut labore et dolore magna aliqua ut enim ad minim veniam quis nostrud exercitation ullamco laboris nisi ut aliquip ex ea commodo consequat duis aute irure dolor in reprehenderit in voluptate velit esse cillum dolore eu fugiat nulla pariatur
Groot verlies van arbeidsplaatsen in bejaardenzorg
UTRECHT — Als de door het kabinet voorgenomen vermindering van het aantal banen in bejaardenzorg
Lorem ipsum dolor sit amet consectetur adipiscing elit sed do eiusmod tempor incididunt ut labore et dolore magna aliqua ut enim ad minim veniam quis nostrud exercitation ullamco laboris nisi ut aliquip ex ea commodo consequat duis aute irure dolor in reprehenderit in voluptate velit esse cillum dolore eu fugiat nulla pariatur excepteur sint occaecat cupidatat non proident sunt in culpa qui officia deserunt mollit anim id est laborum Lorem ipsum dolor sit amet consectetur adipiscing elit sed do eiusmod tempor incididunt ut labore et dolore magna aliqua ut enim ad minim veniam quis nostrud exercitation ullamco laboris nisi ut aliquip ex ea commodo consequat duis aute irure dolor in reprehenderit in voluptate velit esse cillum dolore eu fugiat nulla pariatur excepteur sint occaecat cupidatat non proident sunt in culpa qui officia deserunt mollit anim id est laborum Lorem ipsum dolor sit amet consectetur adipiscing elit sed do eiusmod tempor incididunt ut labore et dolore magna aliqua ut enim ad minim veniam quis nostrud exercitation ullamco laboris nisi ut aliquip ex ea commodo consequat duis aute irure dolor in reprehenderit in voluptate velit esse cillum dolore eu fugiat nulla pariatur
Amerika bereid tot graanleveranties aan Oost-Europa
CHAMPAIGN — De Verenigde Staten zijn bereid graan te verkopen aan landen in Oost-Europa
Lorem ipsum dolor sit amet consectetur adipiscing elit sed do eiusmod tempor incididunt ut labore et dolore magna aliqua ut enim ad minim veniam quis nostrud exercitation ullamco laboris nisi ut aliquip ex ea commodo consequat duis aute irure dolor in reprehenderit in voluptate velit esse cillum dolore eu fugiat nulla pariatur excepteur sint occaecat cupidatat non proident sunt in culpa qui officia deserunt mollit anim id est laborum Lorem ipsum dolor sit amet consectetur adipiscing elit sed do eiusmod tempor incididunt ut labore et dolore magna aliqua ut enim ad minim veniam quis nostrud exercitation ullamco laboris nisi ut aliquip ex ea commodo consequat duis aute irure dolor in reprehenderit in voluptate velit esse cillum dolore eu fugiat nulla pariatur excepteur sint occaecat cupidatat non proident sunt in culpa qui officia deserunt mollit anim id est laborum Lorem ipsum dolor sit amet consectetur adipiscing elit sed do eiusmod tempor incididunt ut labore et dolore magna aliqua ut enim ad minim veniam quis nostrud exercitation ullamco laboris nisi ut aliquip ex ea commodo consequat duis aute irure dolor in reprehenderit in voluptate velit esse cillum dolore eu fugiat nulla pariatur
China
Lorem ipsum dolor sit amet consectetur adipiscing elit sed do eiusmod tempor incididunt ut labore et dolore magna aliqua ut enim ad minim veniam quis nostrud exercitation ullamco laboris nisi ut aliquip ex ea commodo consequat duis aute irure dolor in reprehenderit in voluptate velit esse cillum dolore eu fugiat nulla pariatur excepteur sint occaecat cupidatat non proident sunt in culpa qui officia deserunt mollit anim id est laborum Lorem ipsum dolor sit amet consectetur adipiscing elit sed do eiusmod tempor incididunt ut labore et dolore magna aliqua ut enim ad minim veniam quis nostrud exercitation ullamco laboris nisi ut aliquip ex ea commodo consequat duis aute irure dolor in reprehenderit in voluptate velit esse cillum dolore eu fugiat nulla pariatur excepteur sint occaecat cupidatat non proident sunt in culpa qui officia deserunt mollit anim id est laborum Lorem ipsum dolor sit amet consectetur adipiscing elit sed do eiusmod tempor incididunt ut labore et dolore magna aliqua ut enim ad minim veniam quis nostrud exercitation ullamco laboris nisi ut aliquip ex ea commodo consequat duis aute irure dolor in reprehenderit in voluptate velit esse cillum dolore eu fugiat nulla pariatur
Lorem ipsum dolor sit amet consectetur adipiscing elit sed do eiusmod tempor incididunt ut labore et dolore magna aliqua ut enim ad minim veniam quis nostrud exercitation ullamco laboris nisi ut aliquip ex ea commodo consequat duis aute irure dolor in reprehenderit in voluptate velit esse cillum dolore eu fugiat nulla pariatur excepteur sint occaecat cupidatat non proident sunt in culpa qui officia deserunt mollit anim id est laborum Lorem ipsum dolor sit amet consectetur adipiscing elit sed do eiusmod tempor incididunt ut labore et dolore magna aliqua ut enim ad minim veniam quis nostrud exercitation ullamco laboris nisi ut aliquip ex ea commodo consequat duis aute irure dolor in reprehenderit in voluptate velit esse cillum dolore eu fugiat nulla pariatur excepteur sint occaecat cupidatat non proident sunt in culpa qui officia deserunt mollit anim id est laborum Lorem ipsum dolor sit amet consectetur adipiscing elit sed do eiusmod tempor incididunt ut labore et dolore magna aliqua ut enim ad minim veniam quis nostrud exercitation ullamco laboris nisi ut aliquip ex ea commodo consequat duis aute irure dolor in reprehenderit in voluptate velit esse cillum dolore eu fugiat nulla pariatur
